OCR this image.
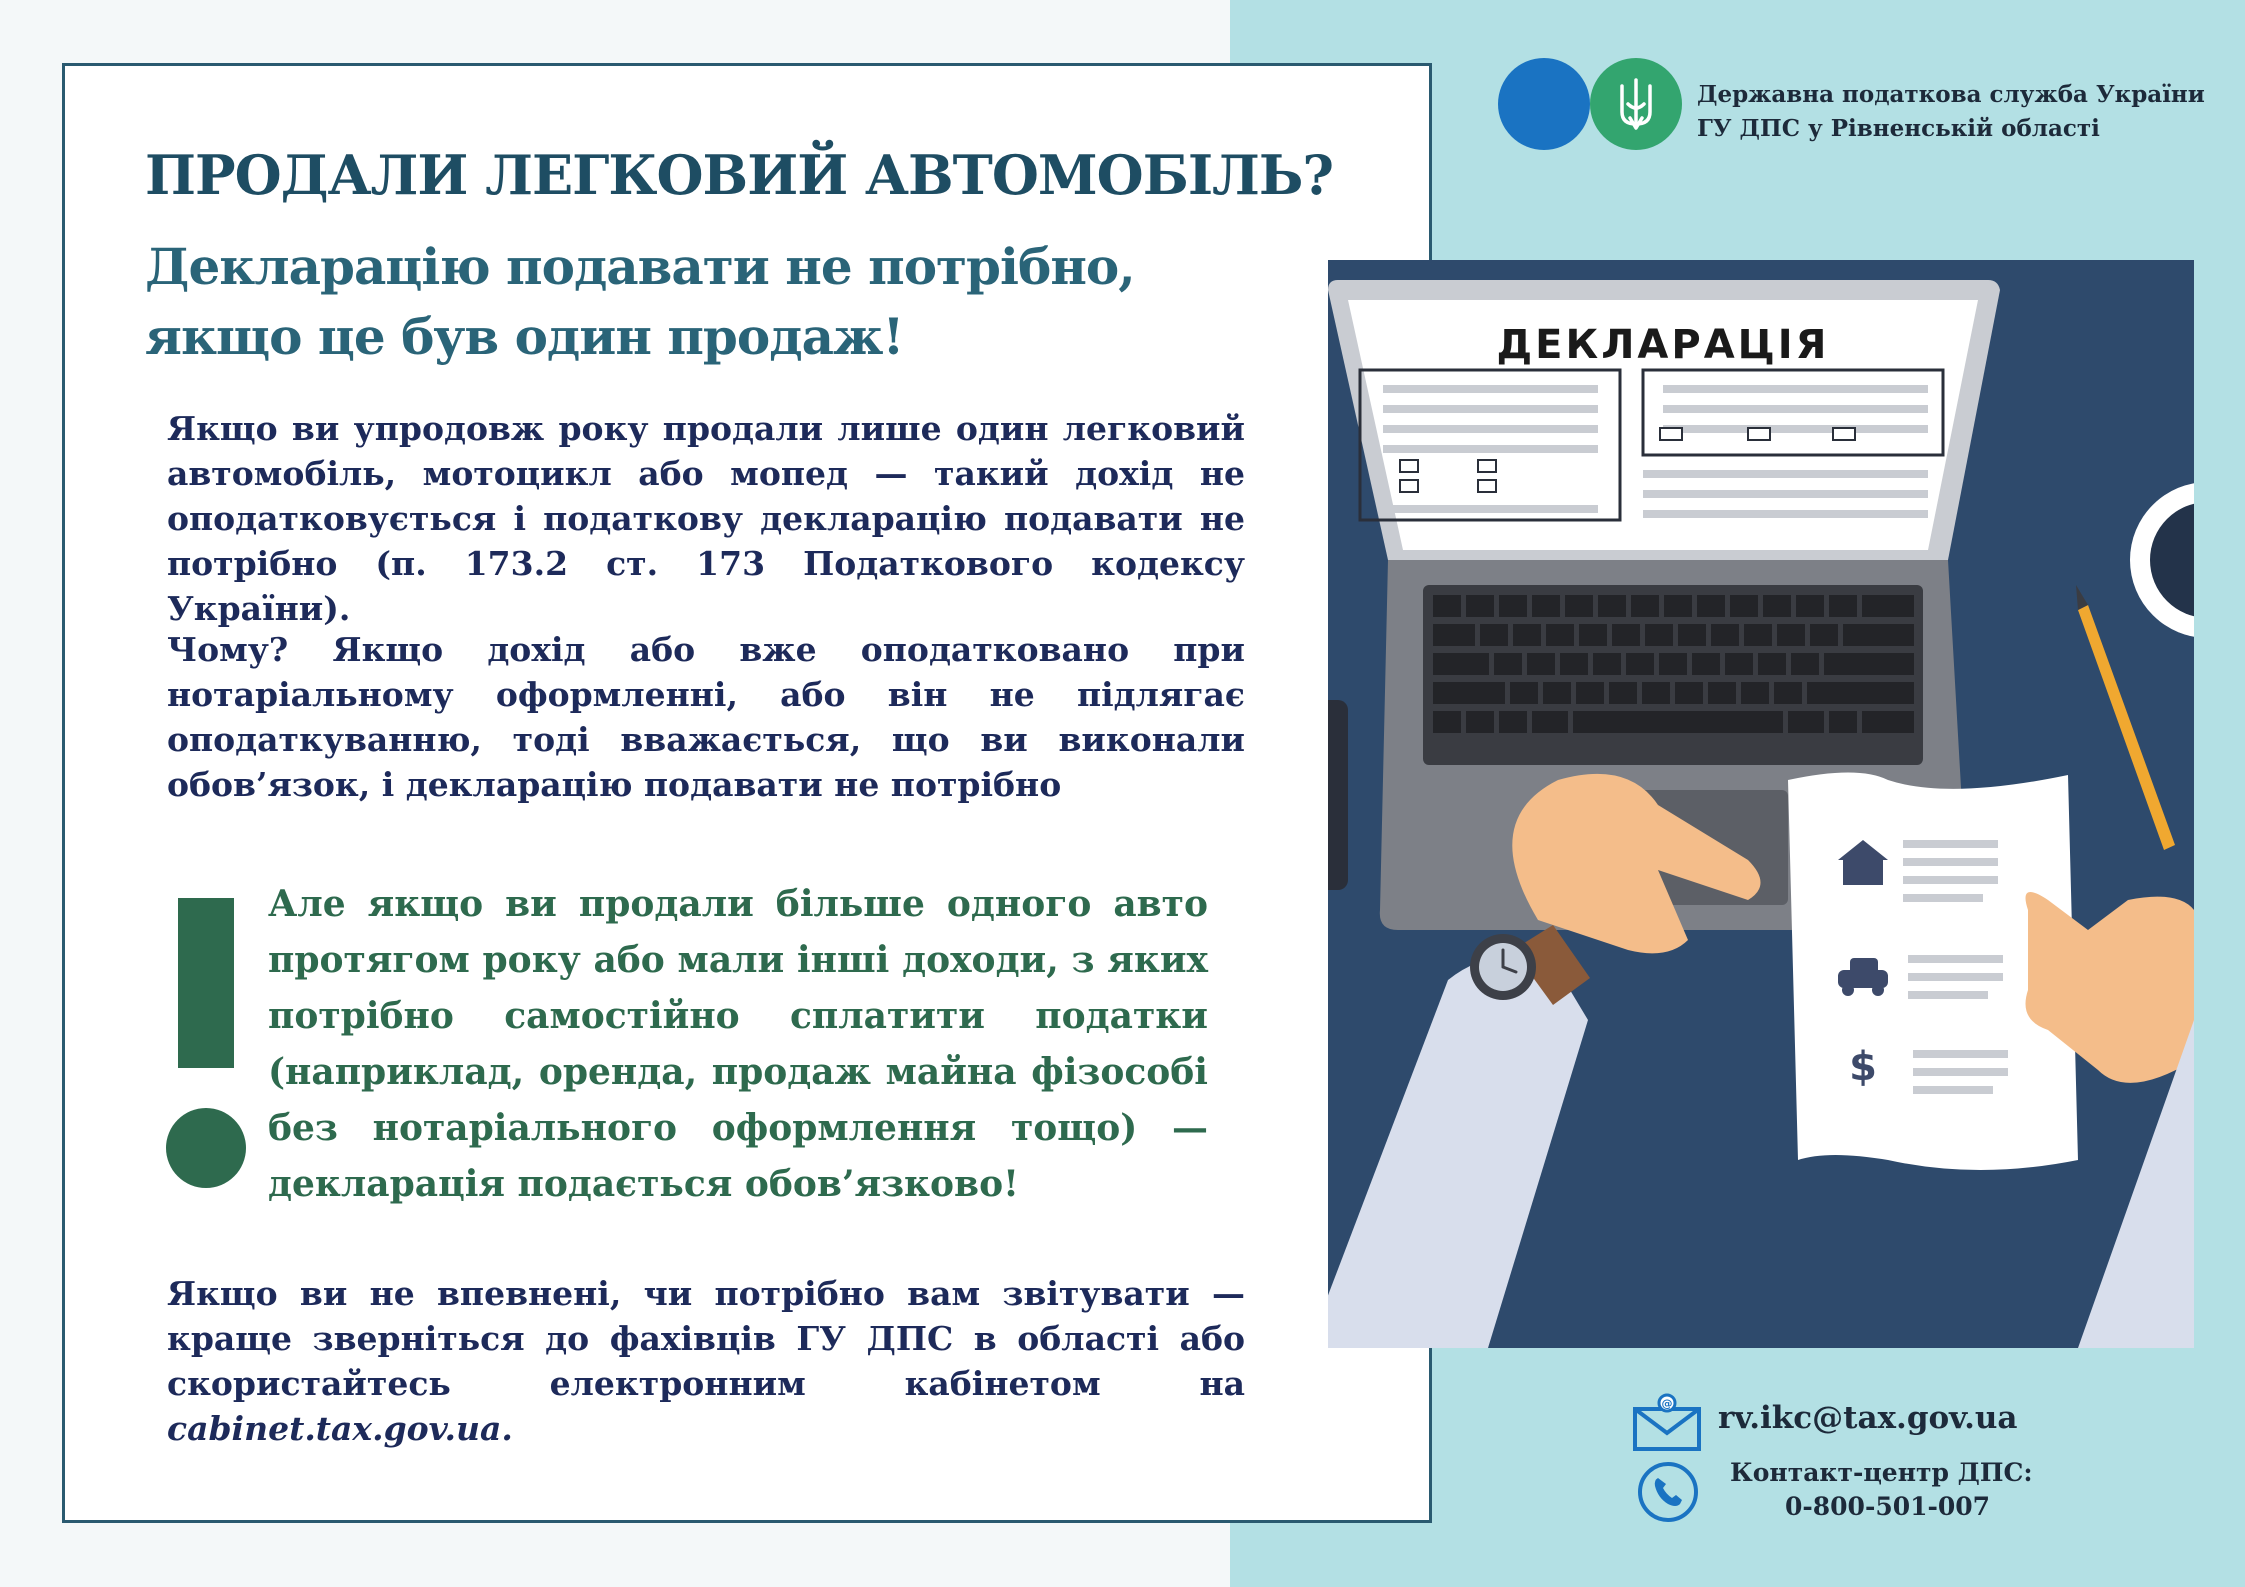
ПРОДАЛИ ЛЕГКОВИЙ АВТОМОБІЛЬ?
Декларацію подавати не потрібно,
якщо це був один продаж!
Якщо ви упродовж року продали лише один легковий автомобіль, мотоцикл або мопед — такий дохід не оподатковується і податкову декларацію подавати не потрібно (п. 173.2 ст. 173 Податкового кодексу України).
Чому? Якщо дохід або вже оподатковано при нотаріальному оформленні, або він не підлягає оподаткуванню, тоді вважається, що ви виконали обов’язок, і декларацію подавати не потрібно
Але якщо ви продали більше одного авто протягом року або мали інші доходи, з яких потрібно самостійно сплатити податки (наприклад, оренда, продаж майна фізособі без нотаріального оформлення тощо) — декларація подається обов’язково!
Якщо ви не впевнені, чи потрібно вам звітувати — краще зверніться до фахівців ГУ ДПС в області або скористайтесь електронним кабінетом на cabinet.tax.gov.ua.
Державна податкова служба України
ГУ ДПС у Рівненській області
ДЕКЛАРАЦІЯ
$
@ rv.ikc@tax.gov.ua
Контакт-центр ДПС:
0-800-501-007
